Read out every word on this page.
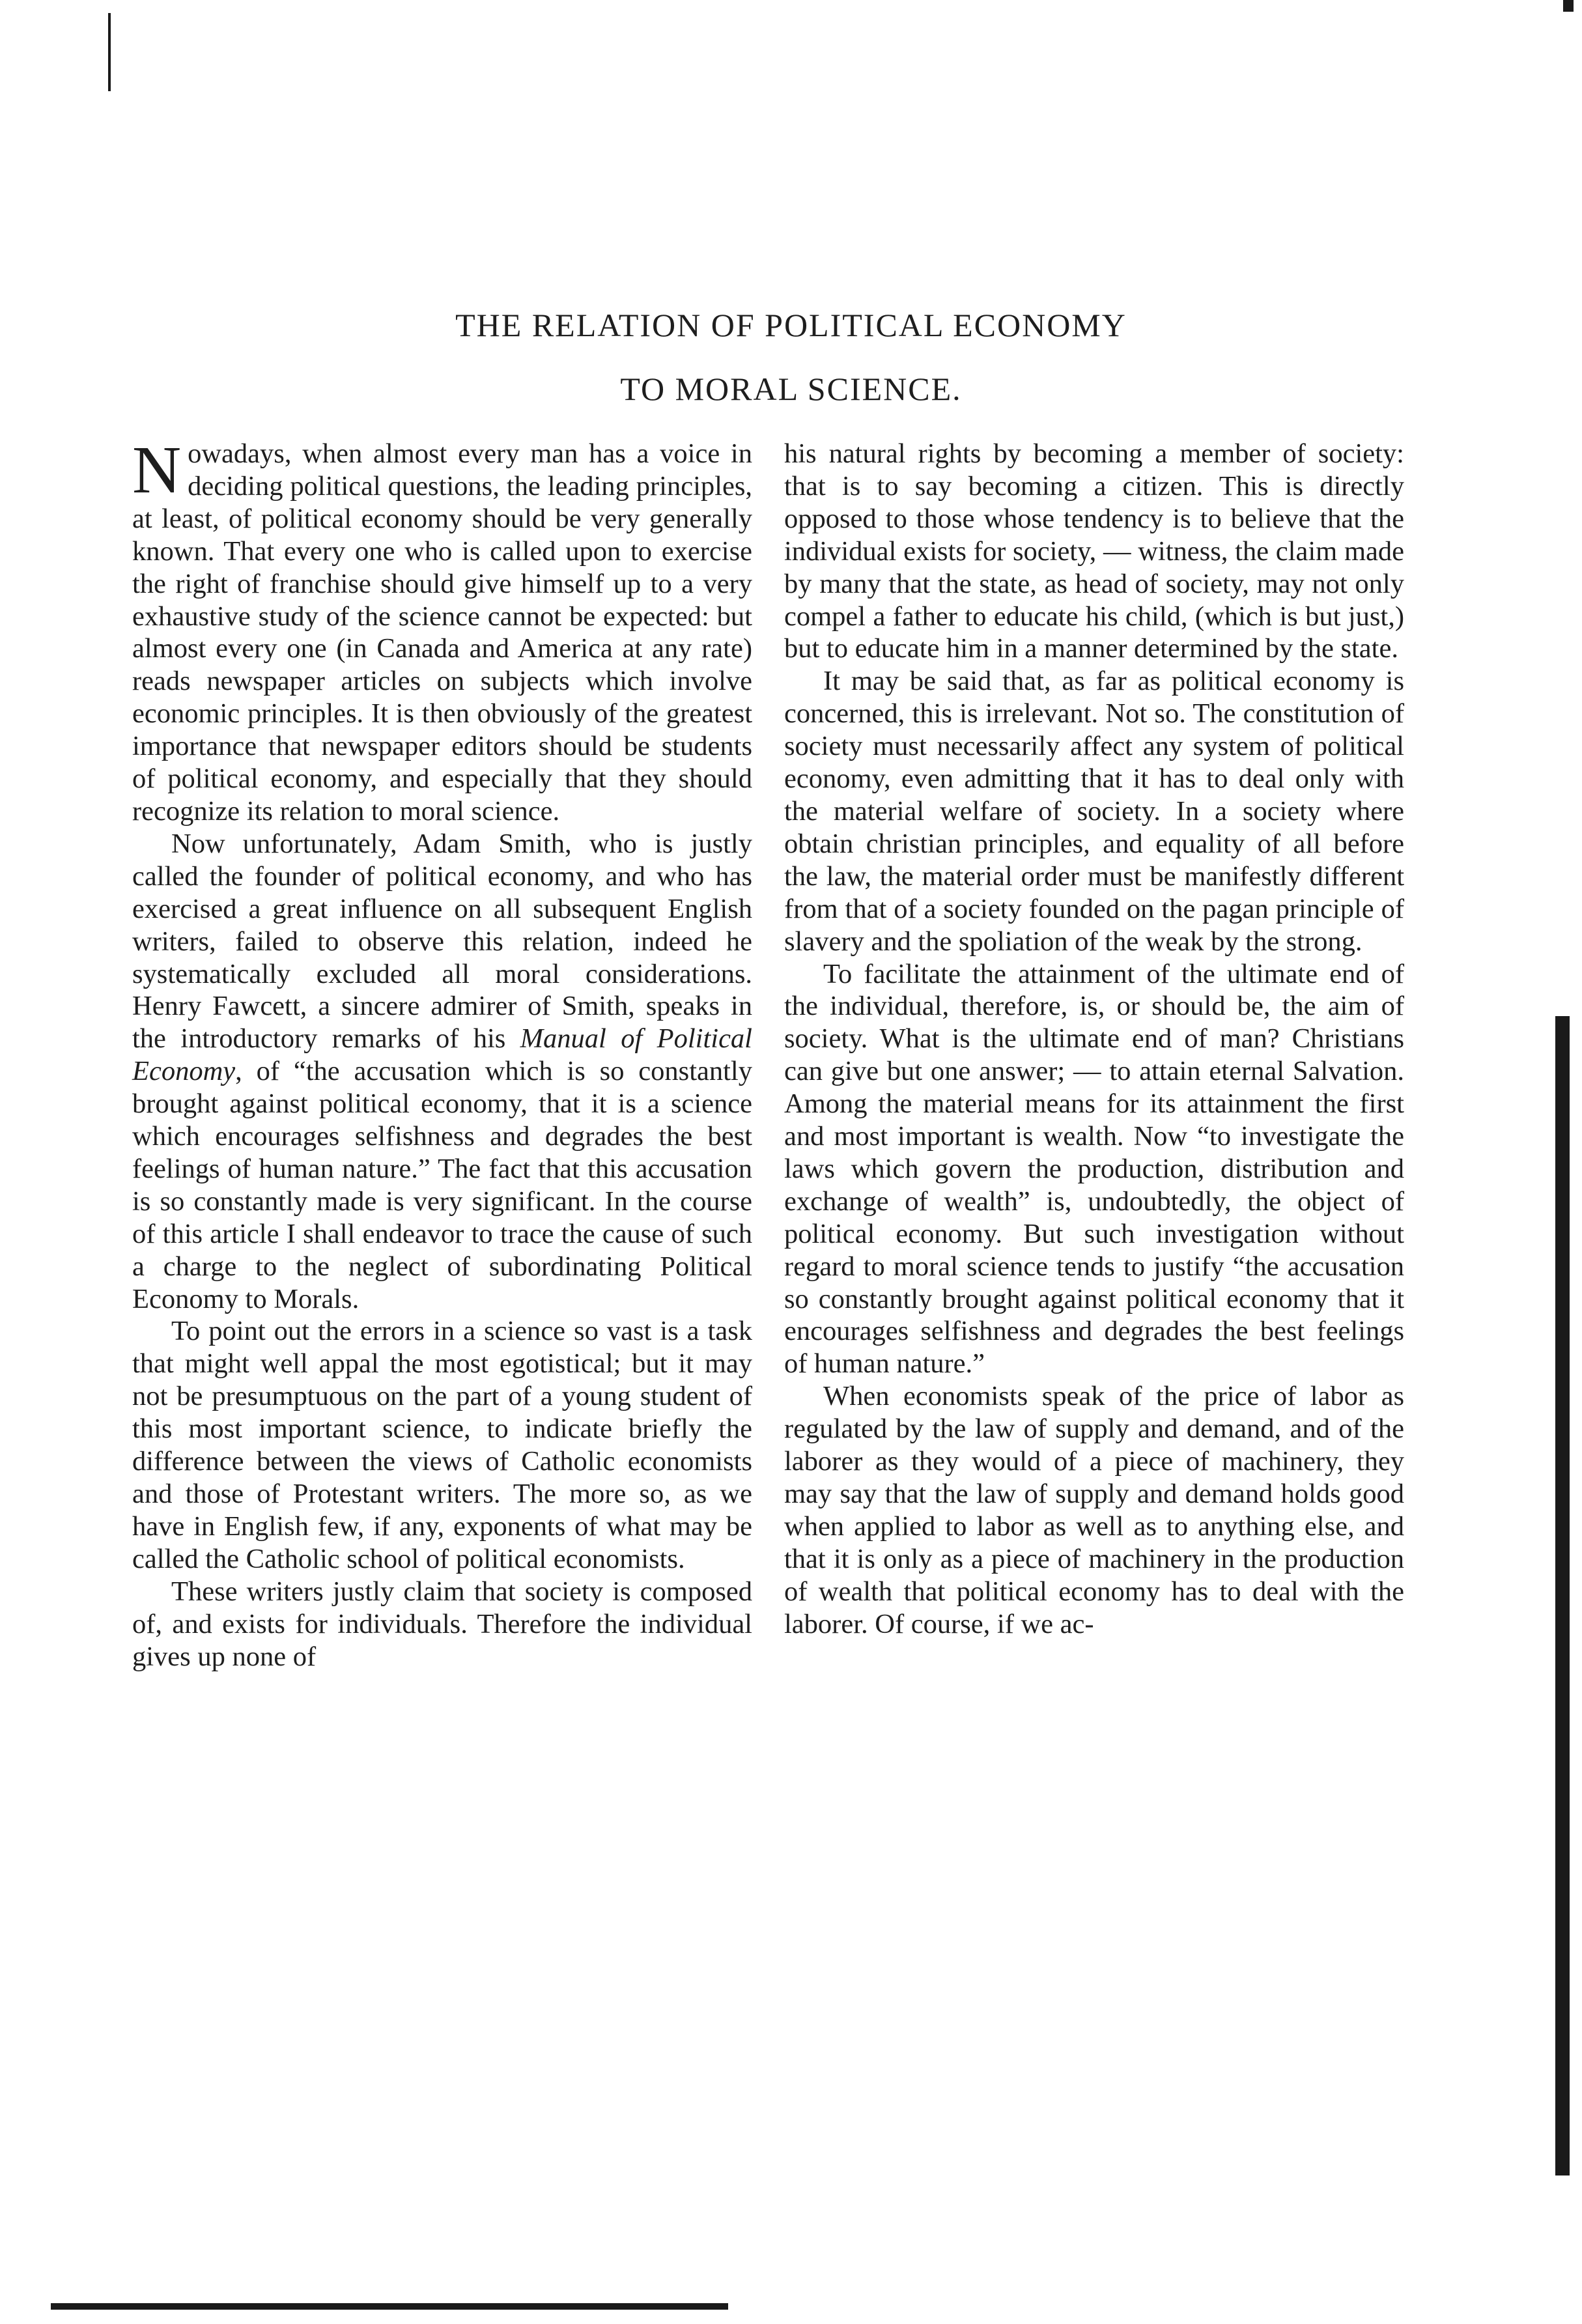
THE RELATION OF POLITICAL ECONOMY
TO MORAL SCIENCE.

Nowadays, when almost every man has a voice in deciding political questions, the leading principles, at least, of political economy should be very generally known. That every one who is called upon to exercise the right of franchise should give himself up to a very exhaustive study of the science cannot be expected: but almost every one (in Canada and America at any rate) reads newspaper articles on subjects which involve economic principles. It is then obviously of the greatest importance that newspaper editors should be students of political economy, and especially that they should recognize its relation to moral science.

Now unfortunately, Adam Smith, who is justly called the founder of political economy, and who has exercised a great influence on all subsequent English writers, failed to observe this relation, indeed he systematically excluded all moral considerations. Henry Fawcett, a sincere admirer of Smith, speaks in the introductory remarks of his Manual of Political Economy, of “the accusation which is so constantly brought against political economy, that it is a science which encourages selfishness and degrades the best feelings of human nature.” The fact that this accusation is so constantly made is very significant. In the course of this article I shall endeavor to trace the cause of such a charge to the neglect of subordinating Political Economy to Morals.

To point out the errors in a science so vast is a task that might well appal the most egotistical; but it may not be presumptuous on the part of a young student of this most important science, to indicate briefly the difference between the views of Catholic economists and those of Protestant writers. The more so, as we have in English few, if any, exponents of what may be called the Catholic school of political economists.

These writers justly claim that society is composed of, and exists for individuals. Therefore the individual gives up none of

his natural rights by becoming a member of society: that is to say becoming a citizen. This is directly opposed to those whose tendency is to believe that the individual exists for society, — witness, the claim made by many that the state, as head of society, may not only compel a father to educate his child, (which is but just,) but to educate him in a manner determined by the state.

It may be said that, as far as political economy is concerned, this is irrelevant. Not so. The constitution of society must necessarily affect any system of political economy, even admitting that it has to deal only with the material welfare of society. In a society where obtain christian principles, and equality of all before the law, the material order must be manifestly different from that of a society founded on the pagan principle of slavery and the spoliation of the weak by the strong.

To facilitate the attainment of the ultimate end of the individual, therefore, is, or should be, the aim of society. What is the ultimate end of man? Christians can give but one answer; — to attain eternal Salvation. Among the material means for its attainment the first and most important is wealth. Now “to investigate the laws which govern the production, distribution and exchange of wealth” is, undoubtedly, the object of political economy. But such investigation without regard to moral science tends to justify “the accusation so constantly brought against political economy that it encourages selfishness and degrades the best feelings of human nature.”

When economists speak of the price of labor as regulated by the law of supply and demand, and of the laborer as they would of a piece of machinery, they may say that the law of supply and demand holds good when applied to labor as well as to anything else, and that it is only as a piece of machinery in the production of wealth that political economy has to deal with the laborer. Of course, if we ac-
